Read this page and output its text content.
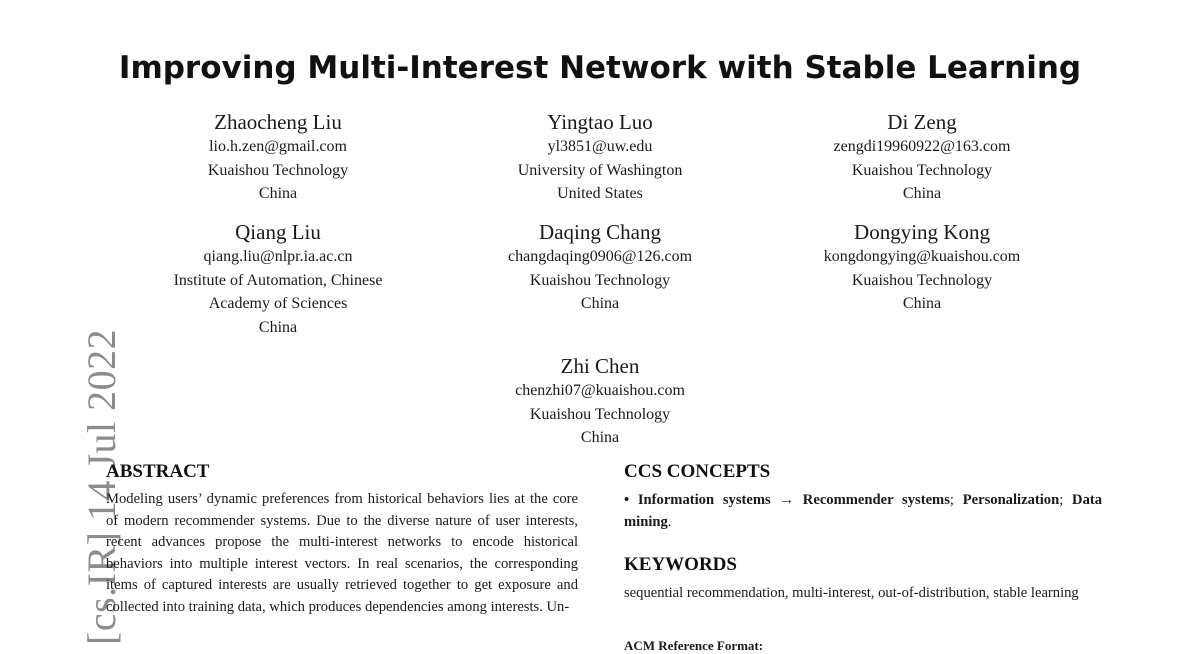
[cs.IR] 14 Jul 2022
Improving Multi-Interest Network with Stable Learning
Zhaocheng Liu
lio.h.zen@gmail.com
Kuaishou Technology
China
Yingtao Luo
yl3851@uw.edu
University of Washington
United States
Di Zeng
zengdi19960922@163.com
Kuaishou Technology
China
Qiang Liu
qiang.liu@nlpr.ia.ac.cn
Institute of Automation, Chinese
Academy of Sciences
China
Daqing Chang
changdaqing0906@126.com
Kuaishou Technology
China
Dongying Kong
kongdongying@kuaishou.com
Kuaishou Technology
China
Zhi Chen
chenzhi07@kuaishou.com
Kuaishou Technology
China
ABSTRACT
Modeling users’ dynamic preferences from historical behaviors lies at the core of modern recommender systems. Due to the diverse nature of user interests, recent advances propose the multi-interest networks to encode historical behaviors into multiple interest vectors. In real scenarios, the corresponding items of captured interests are usually retrieved together to get exposure and collected into training data, which produces dependencies among interests. Un-
CCS CONCEPTS
• Information systems → Recommender systems; Personalization; Data mining.
KEYWORDS
sequential recommendation, multi-interest, out-of-distribution, stable learning
ACM Reference Format:
